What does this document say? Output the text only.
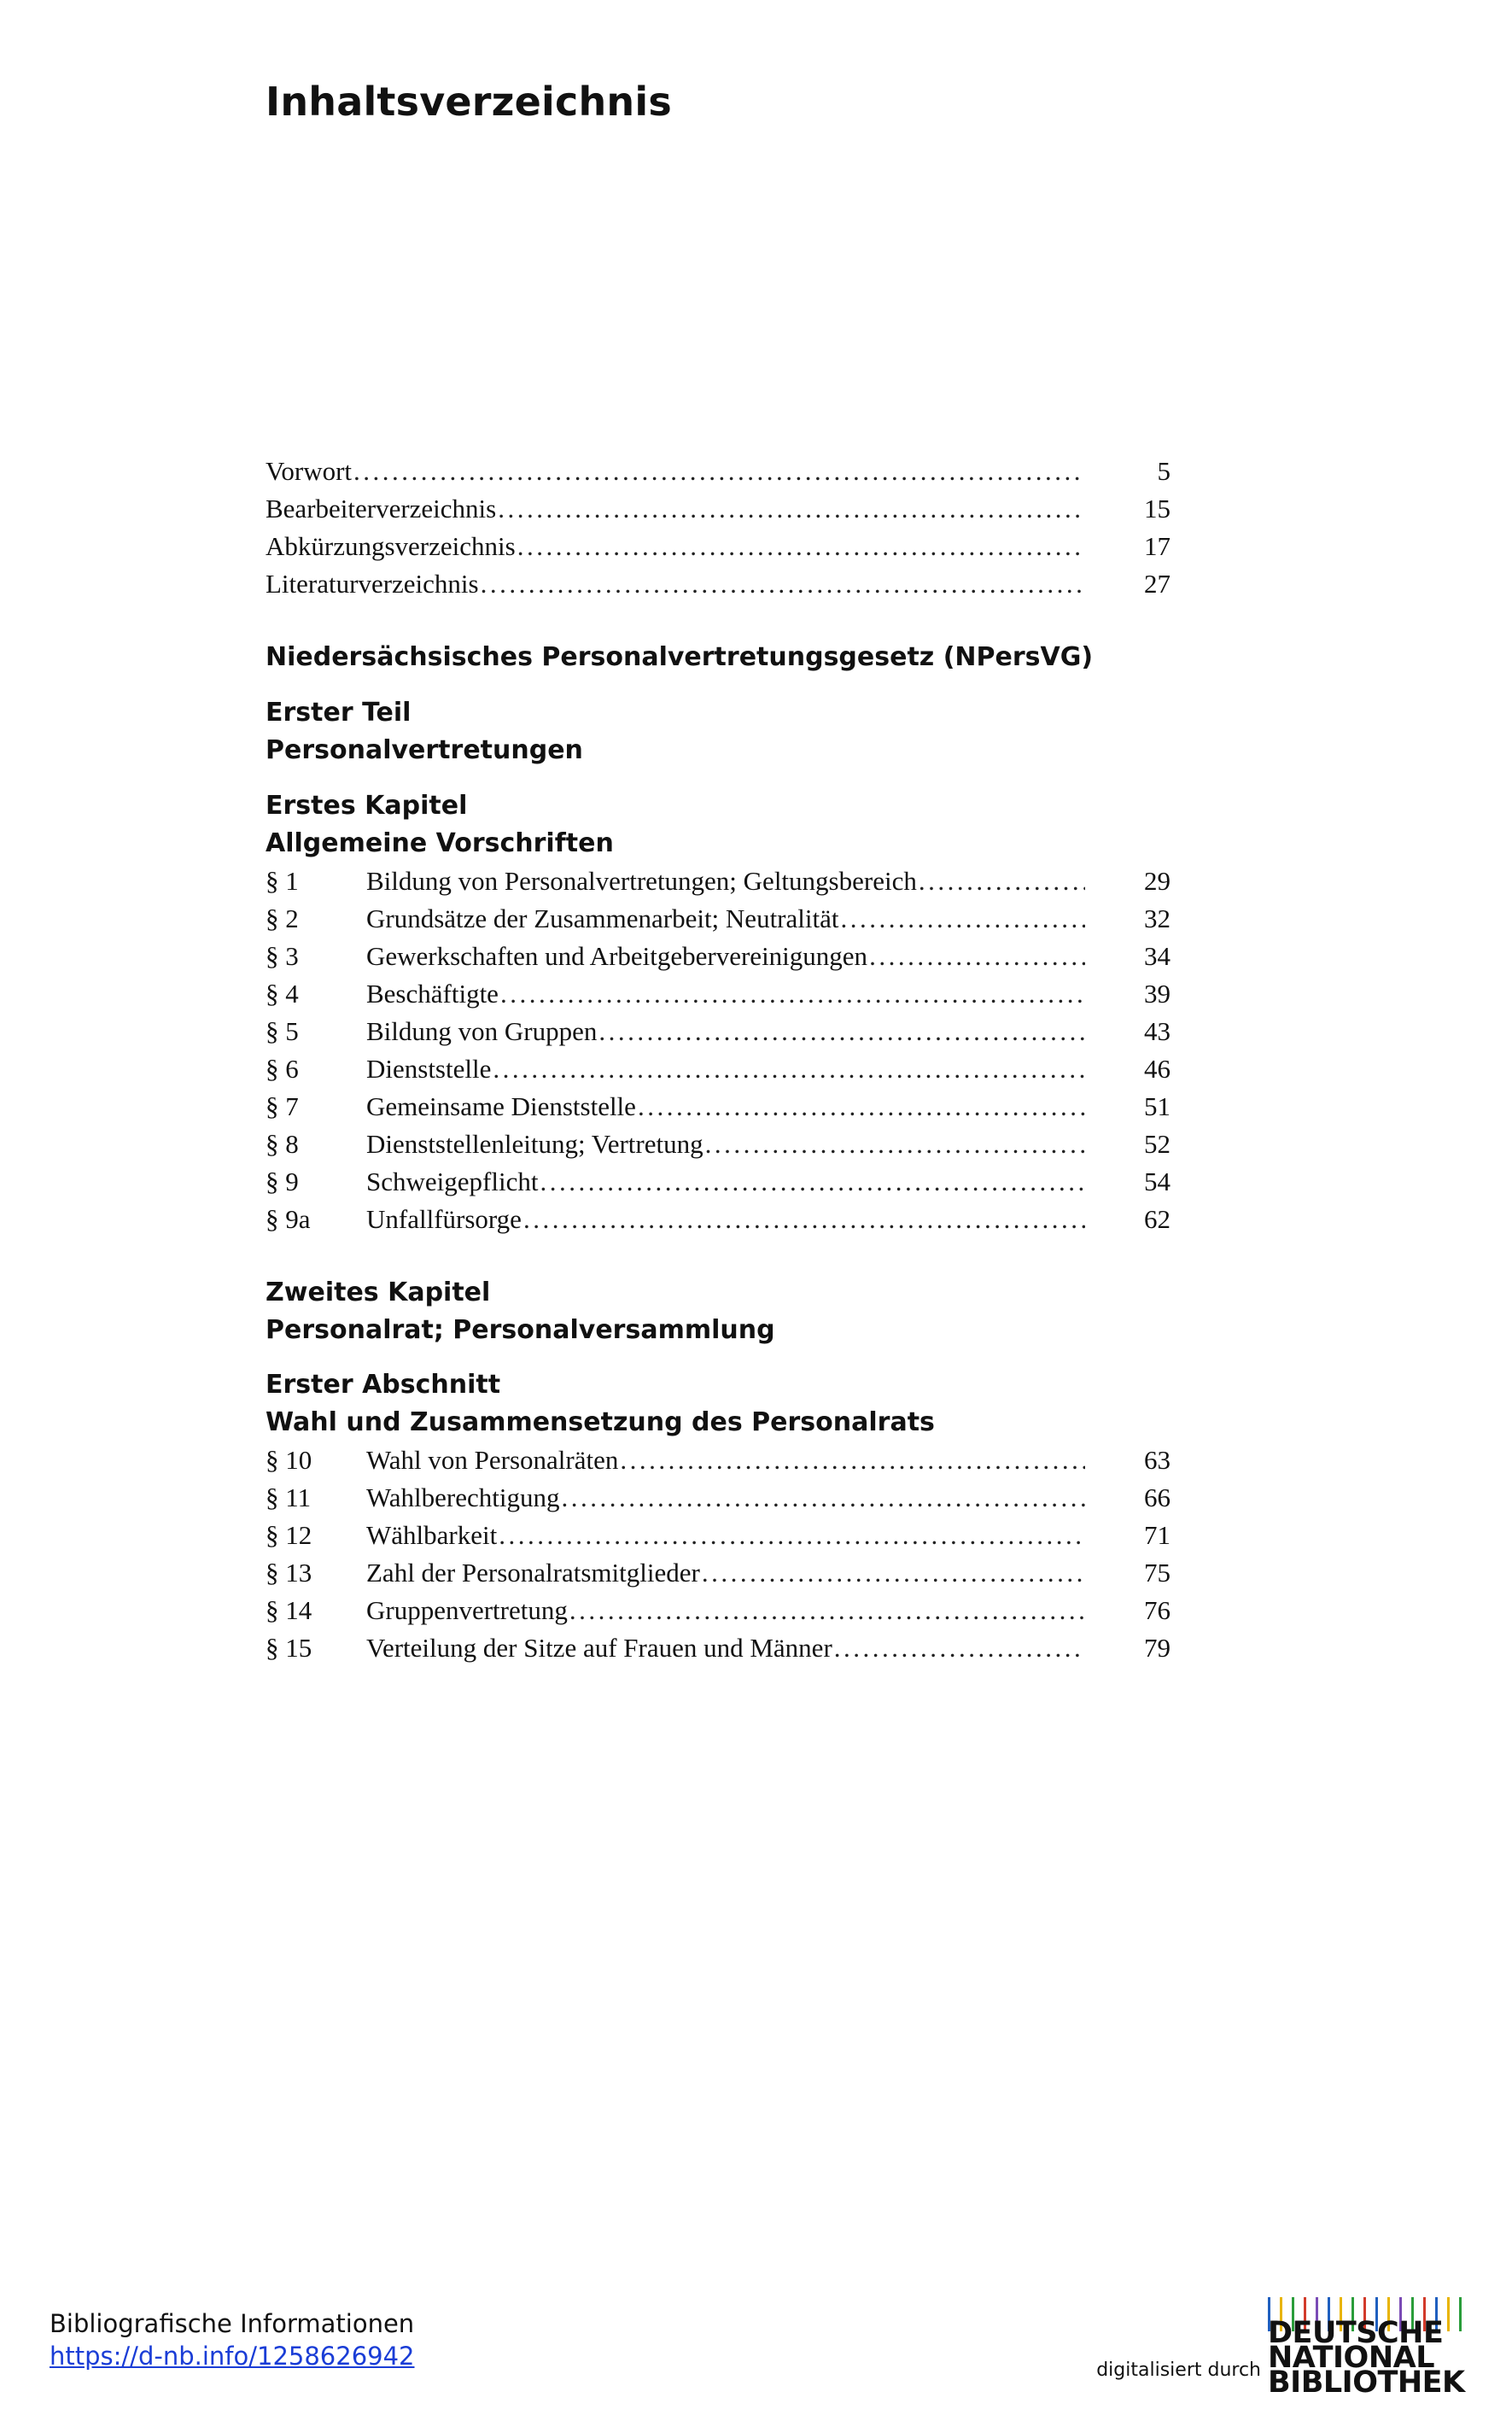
Inhaltsverzeichnis
Vorwort .....	5
Bearbeiterverzeichnis .....	15
Abkürzungsverzeichnis .....	17
Literaturverzeichnis .....	27
Niedersächsisches Personalvertretungsgesetz (NPersVG)
Erster Teil
Personalvertretungen
Erstes Kapitel
Allgemeine Vorschriften
§ 1	Bildung von Personalvertretungen; Geltungsbereich .....	29
§ 2	Grundsätze der Zusammenarbeit; Neutralität .....	32
§ 3	Gewerkschaften und Arbeitgebervereinigungen .....	34
§ 4	Beschäftigte .....	39
§ 5	Bildung von Gruppen .....	43
§ 6	Dienststelle .....	46
§ 7	Gemeinsame Dienststelle .....	51
§ 8	Dienststellenleitung; Vertretung .....	52
§ 9	Schweigepflicht .....	54
§ 9a	Unfallfürsorge .....	62
Zweites Kapitel
Personalrat; Personalversammlung
Erster Abschnitt
Wahl und Zusammensetzung des Personalrats
§ 10	Wahl von Personalräten .....	63
§ 11	Wahlberechtigung .....	66
§ 12	Wählbarkeit .....	71
§ 13	Zahl der Personalratsmitglieder .....	75
§ 14	Gruppenvertretung .....	76
§ 15	Verteilung der Sitze auf Frauen und Männer .....	79
Bibliografische Informationen
https://d-nb.info/1258626942	digitalisiert durch
DEUTSCHE
NATIONAL
BIBLIOTHEK
